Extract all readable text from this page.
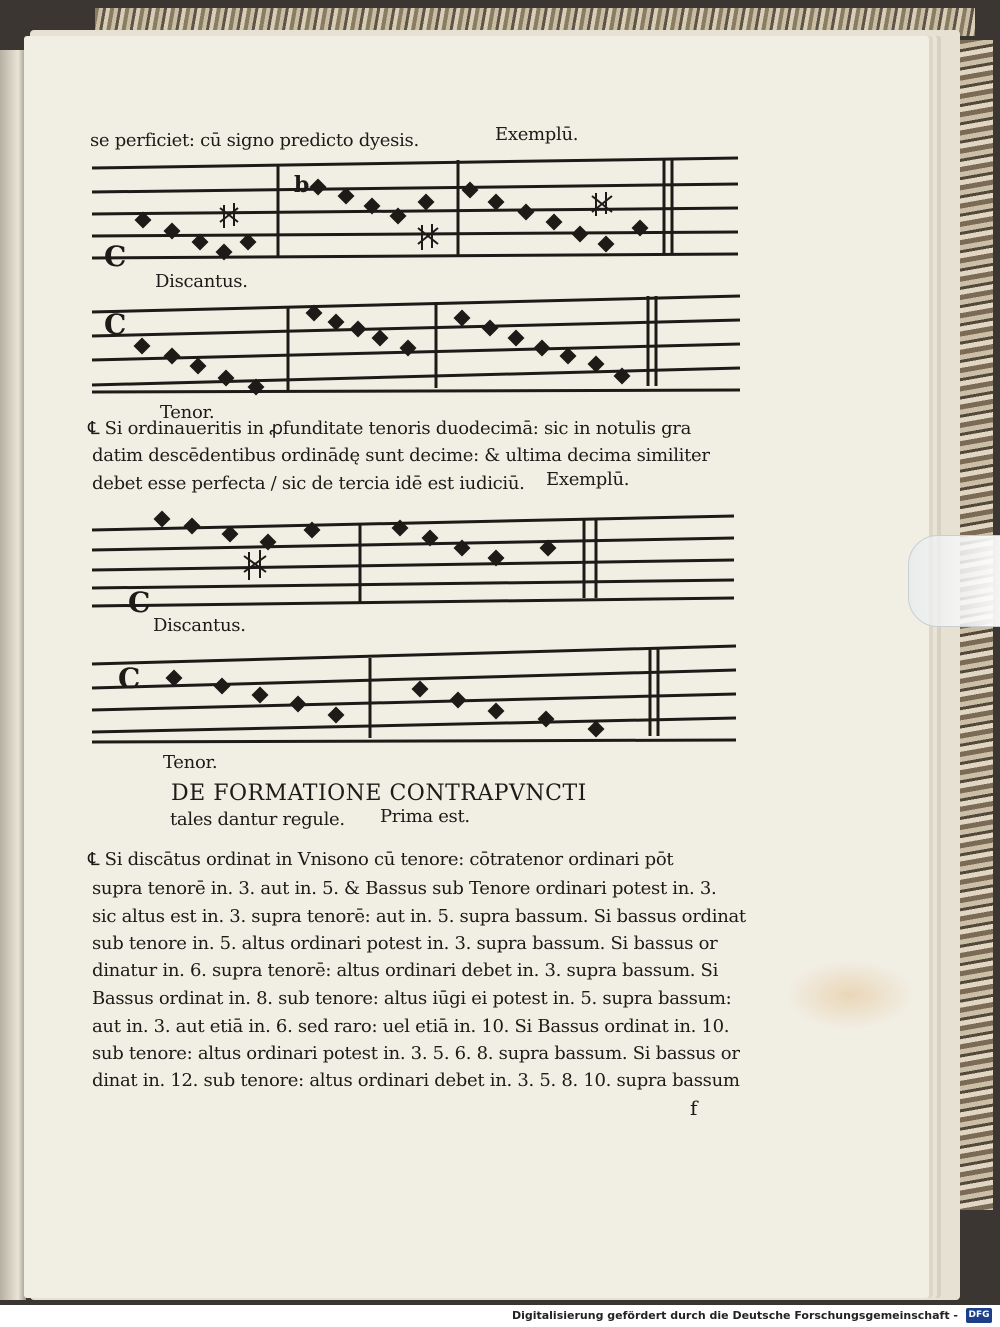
b
C
C
C
C
se perficiet: cū signo predicto dyesis.	Exemplū.
Discantus.
Tenor.
℄ Si ordinaueritis in ꝓfunditate tenoris duodecimā: sic in notulis gra
datim descēdentibus ordinādę sunt decime: & ultima decima similiter
debet esse perfecta / sic de tercia idē est iudiciū. Exemplū.
Discantus.
Tenor.
DE FORMATIONE CONTRAPVNCTI
tales dantur regule. Prima est.
℄ Si discātus ordinat in Vnisono cū tenore: cōtratenor ordinari pōt
supra tenorē in. 3. aut in. 5. & Bassus sub Tenore ordinari potest in. 3.
sic altus est in. 3. supra tenorē: aut in. 5. supra bassum. Si bassus ordinat
sub tenore in. 5. altus ordinari potest in. 3. supra bassum. Si bassus or
dinatur in. 6. supra tenorē: altus ordinari debet in. 3. supra bassum. Si
Bassus ordinat in. 8. sub tenore: altus iūgi ei potest in. 5. supra bassum:
aut in. 3. aut etiā in. 6. sed raro: uel etiā in. 10. Si Bassus ordinat in. 10.
sub tenore: altus ordinari potest in. 3. 5. 6. 8. supra bassum. Si bassus or
dinat in. 12. sub tenore: altus ordinari debet in. 3. 5. 8. 10. supra bassum
f
Digitalisierung gefördert durch die Deutsche Forschungsgemeinschaft - DFG
